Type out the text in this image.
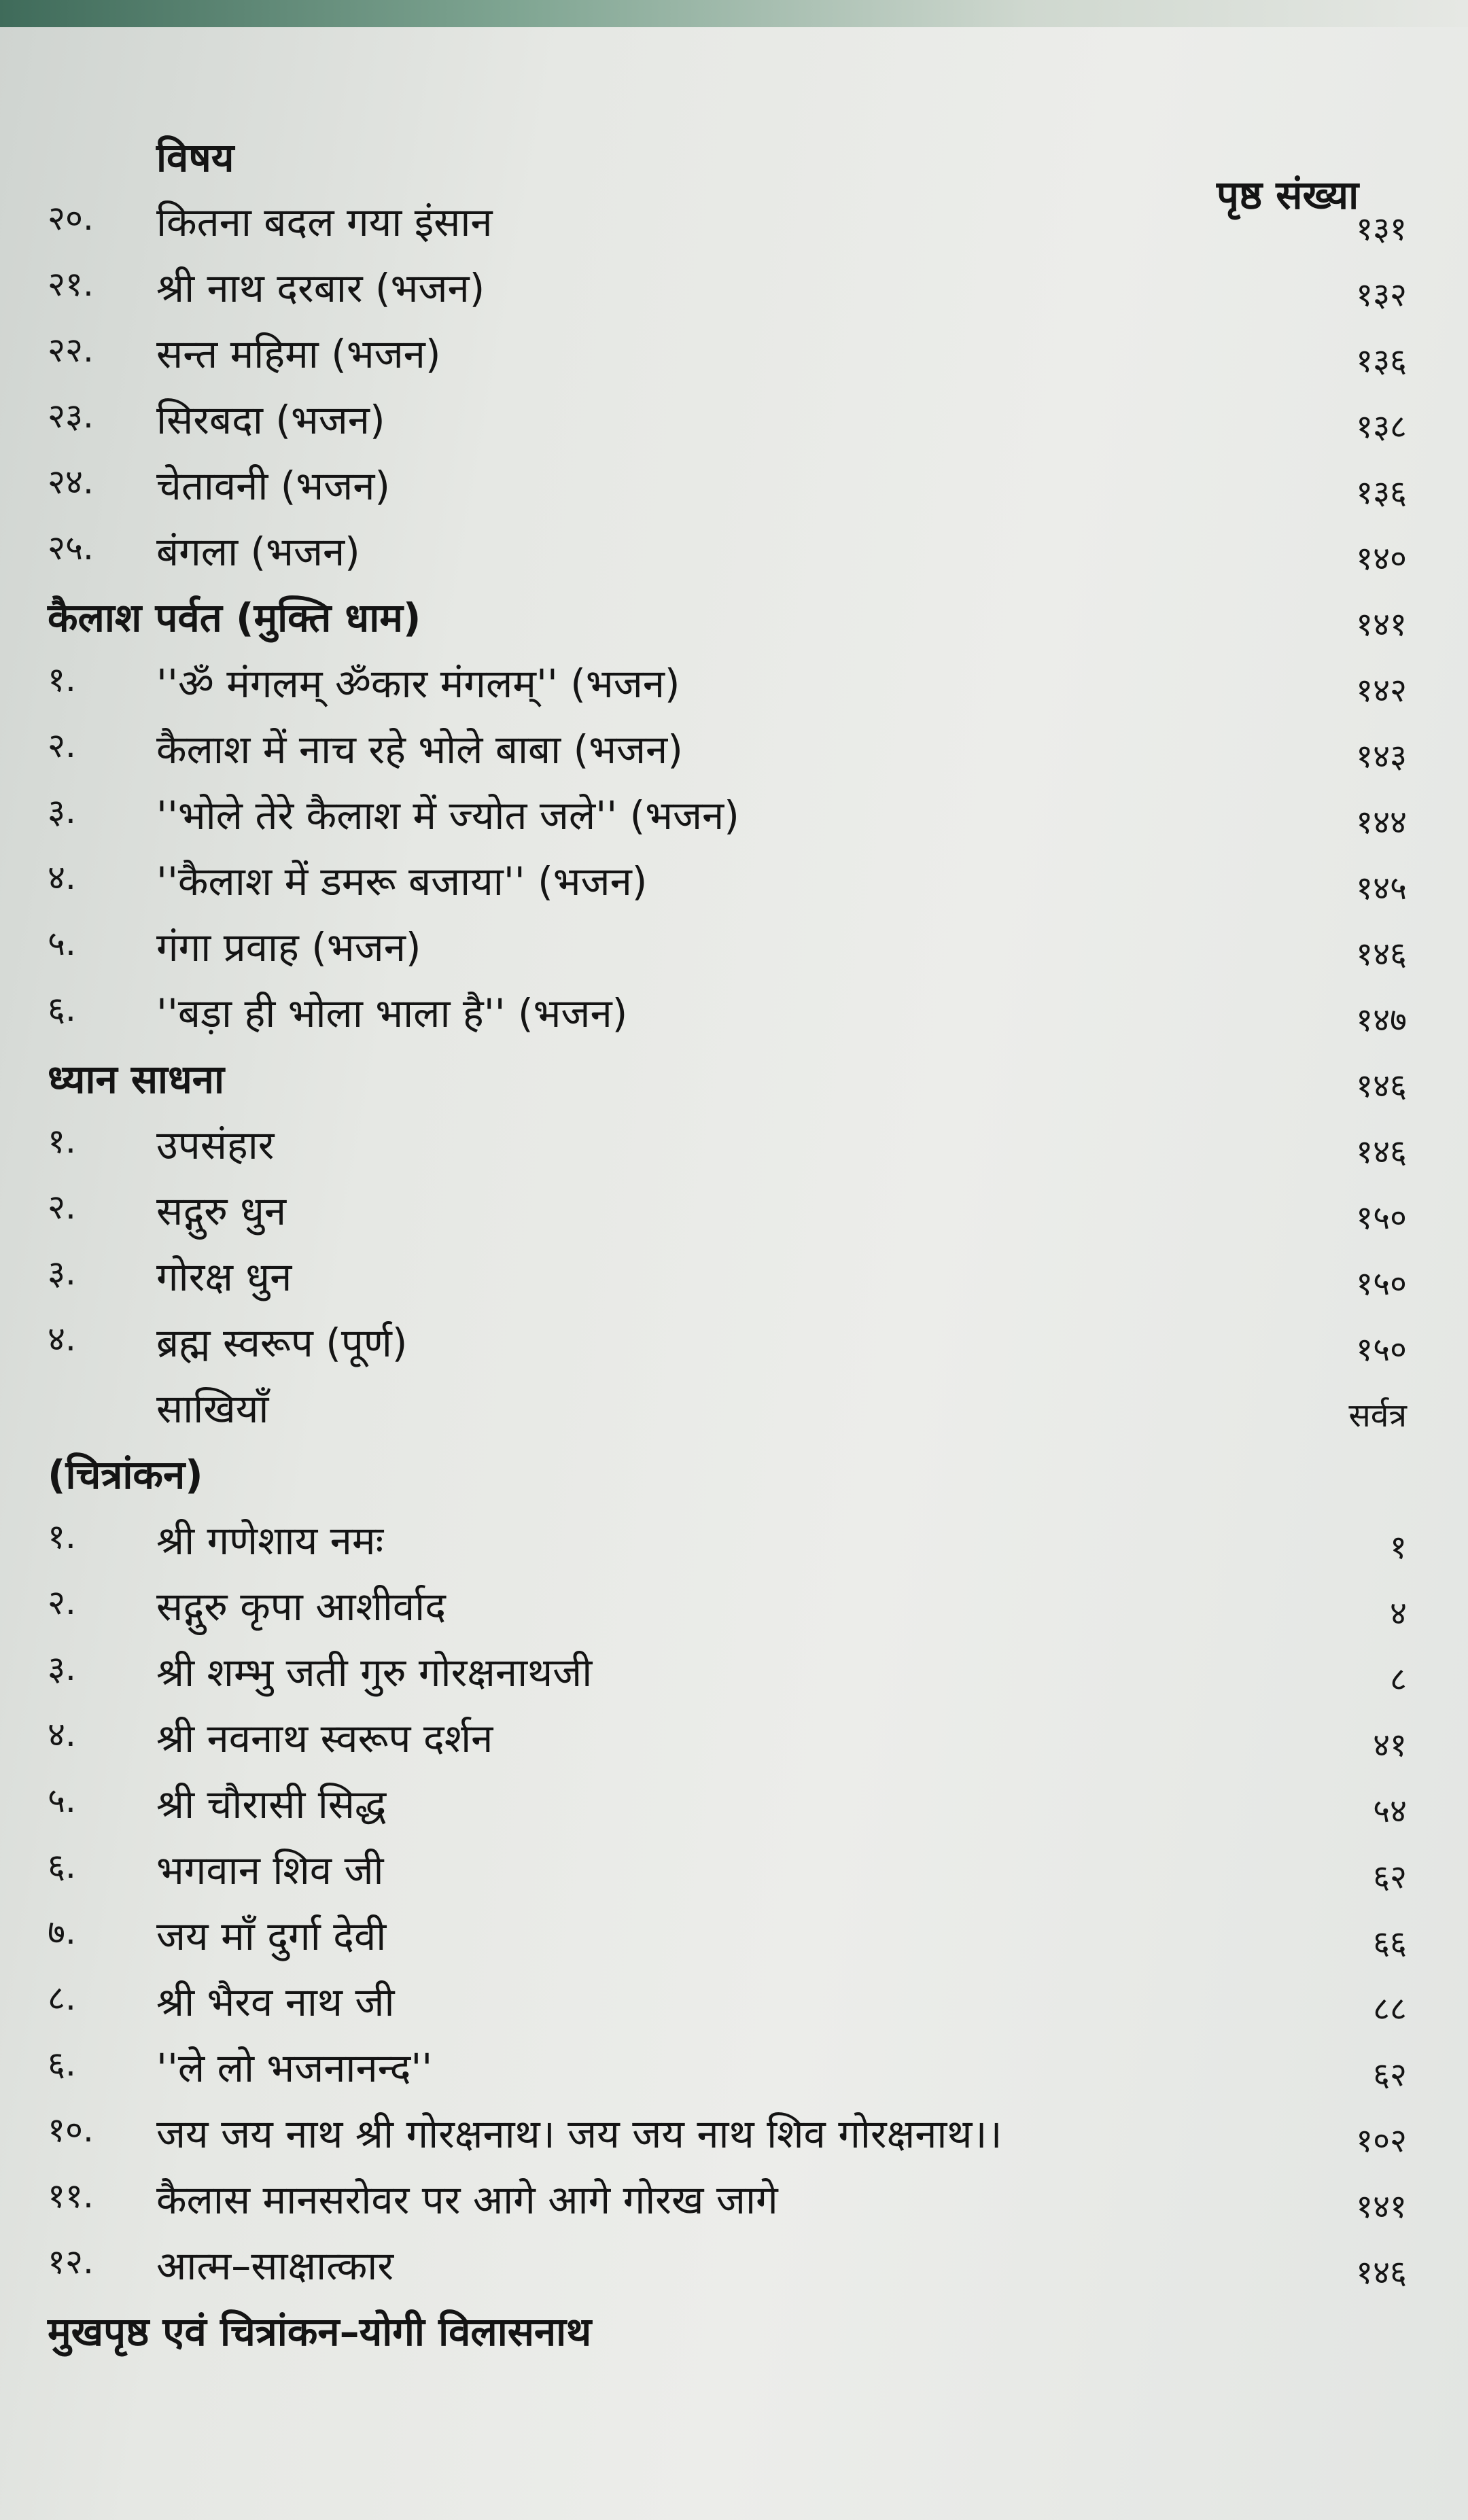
विषय
पृष्ठ संख्या
२०. कितना बदल गया इंसान	१३१
२१. श्री नाथ दरबार (भजन)	१३२
२२. सन्त महिमा (भजन)	१३६
२३. सिरबदा (भजन)	१३८
२४. चेतावनी (भजन)	१३६
२५. बंगला (भजन)	१४०
कैलाश पर्वत (मुक्ति धाम)	१४१
१. ''ॐ मंगलम् ॐकार मंगलम्'' (भजन)	१४२
२. कैलाश में नाच रहे भोले बाबा (भजन)	१४३
३. ''भोले तेरे कैलाश में ज्योत जले'' (भजन)	१४४
४. ''कैलाश में डमरू बजाया'' (भजन)	१४५
५. गंगा प्रवाह (भजन)	१४६
६. ''बड़ा ही भोला भाला है'' (भजन)	१४७
ध्यान साधना	१४६
१. उपसंहार	१४६
२. सद्गुरु धुन	१५०
३. गोरक्ष धुन	१५०
४. ब्रह्म स्वरूप (पूर्ण)	१५०
साखियाँ	सर्वत्र
(चित्रांकन)
१. श्री गणेशाय नमः	१
२. सद्गुरु कृपा आशीर्वाद	४
३. श्री शम्भु जती गुरु गोरक्षनाथजी	८
४. श्री नवनाथ स्वरूप दर्शन	४१
५. श्री चौरासी सिद्ध	५४
६. भगवान शिव जी	६२
७. जय माँ दुर्गा देवी	६६
८. श्री भैरव नाथ जी	८८
६. ''ले लो भजनानन्द''	६२
१०. जय जय नाथ श्री गोरक्षनाथ। जय जय नाथ शिव गोरक्षनाथ।।	१०२
११. कैलास मानसरोवर पर आगे आगे गोरख जागे	१४१
१२. आत्म–साक्षात्कार	१४६
मुखपृष्ठ एवं चित्रांकन–योगी विलासनाथ
